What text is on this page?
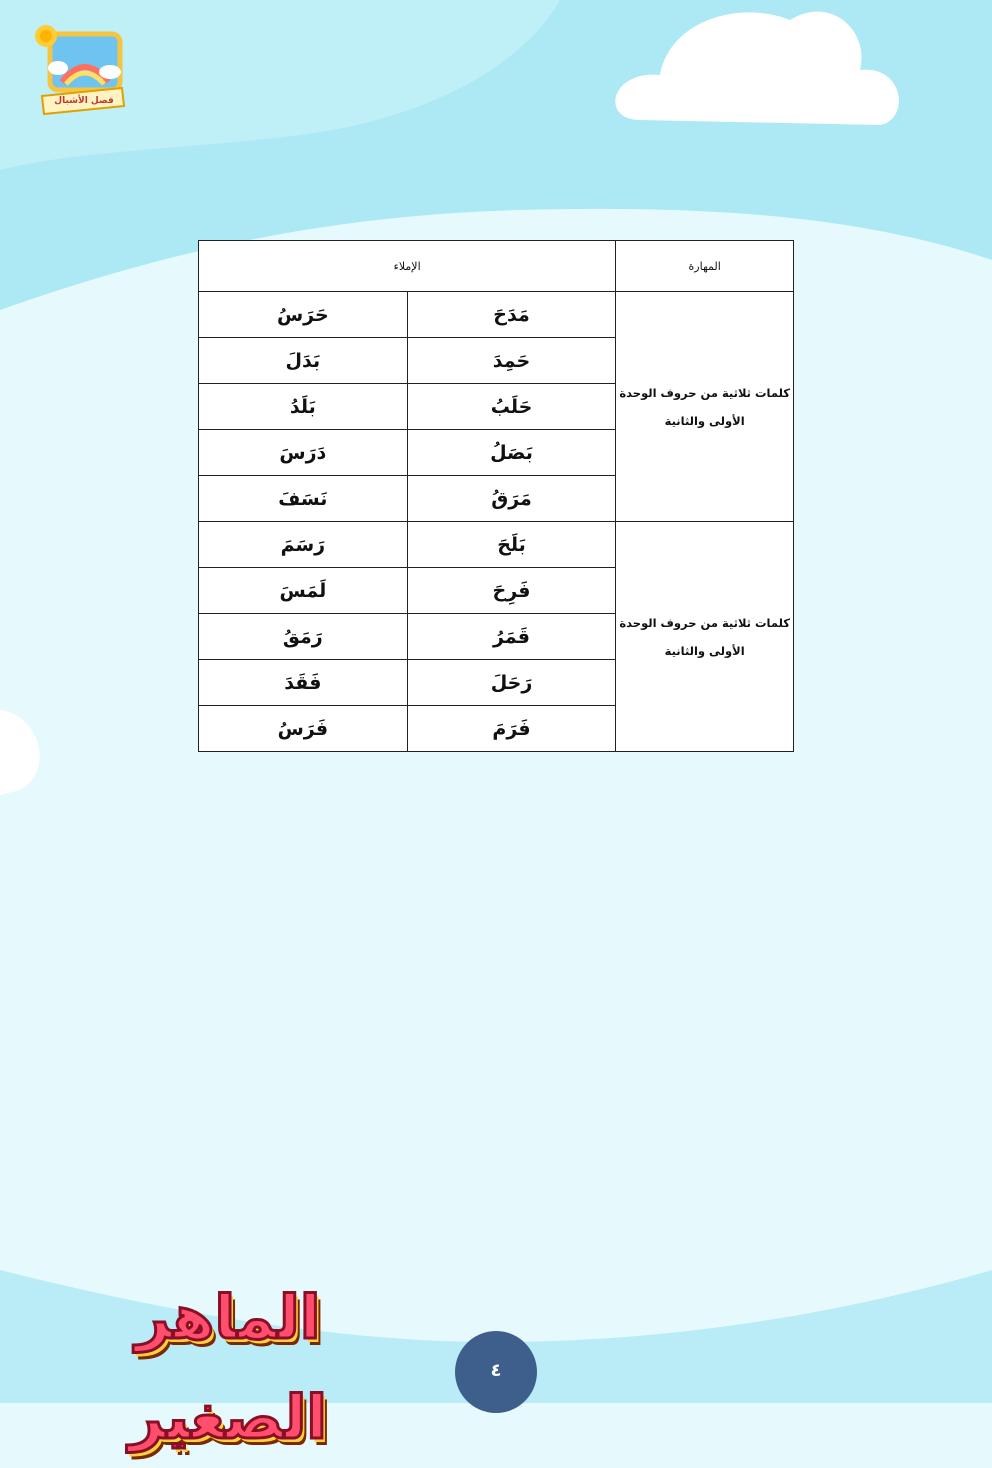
فصل الأشبال
المهارة	الإملاء	
كلمات ثلاثية من حروف الوحدة الأولى والثانية	مَدَحَ	حَرَسُ
	حَمِدَ	بَدَلَ
	حَلَبُ	بَلَدُ
	بَصَلُ	دَرَسَ
	مَرَقُ	نَسَفَ
كلمات ثلاثية من حروف الوحدة الأولى والثانية	بَلَحَ	رَسَمَ
	فَرِحَ	لَمَسَ
	قَمَرُ	رَمَقُ
	رَحَلَ	فَقَدَ
	فَرَمَ	فَرَسُ
الماهر الصغير
٤
